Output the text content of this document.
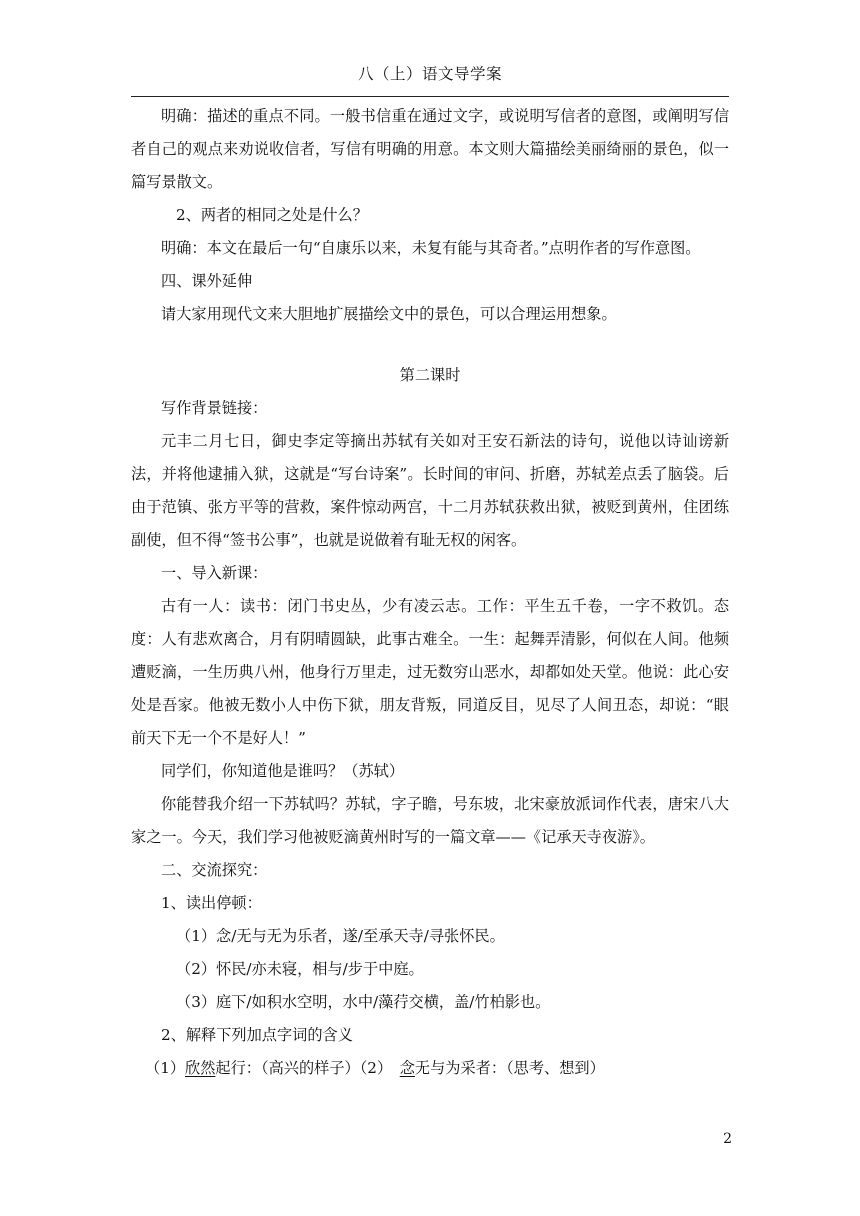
八（上）语文导学案

明确：描述的重点不同。一般书信重在通过文字，或说明写信者的意图，或阐明写信者自己的观点来劝说收信者，写信有明确的用意。本文则大篇描绘美丽绮丽的景色，似一篇写景散文。

2、两者的相同之处是什么？

明确：本文在最后一句“自康乐以来，未复有能与其奇者。”点明作者的写作意图。

四、课外延伸

请大家用现代文来大胆地扩展描绘文中的景色，可以合理运用想象。

第二课时

写作背景链接：

元丰二月七日，御史李定等摘出苏轼有关如对王安石新法的诗句，说他以诗讪谤新法，并将他逮捕入狱，这就是“写台诗案”。长时间的审问、折磨，苏轼差点丢了脑袋。后由于范镇、张方平等的营救，案件惊动两宫，十二月苏轼获救出狱，被贬到黄州，住团练副使，但不得“签书公事”，也就是说做着有耻无权的闲客。

一、导入新课：

古有一人：读书：闭门书史丛，少有凌云志。工作：平生五千卷，一字不救饥。态度：人有悲欢离合，月有阴晴圆缺，此事古难全。一生：起舞弄清影，何似在人间。他频遭贬滴，一生历典八州，他身行万里走，过无数穷山恶水，却都如处天堂。他说：此心安处是吾家。他被无数小人中伤下狱，朋友背叛，同道反目，见尽了人间丑态，却说：“眼前天下无一个不是好人！”

同学们，你知道他是谁吗？（苏轼）

你能替我介绍一下苏轼吗？苏轼，字子瞻，号东坡，北宋豪放派词作代表，唐宋八大家之一。今天，我们学习他被贬滴黄州时写的一篇文章——《记承天寺夜游》。

二、交流探究：

1、读出停顿：

（1）念/无与无为乐者，遂/至承天寺/寻张怀民。

（2）怀民/亦未寝，相与/步于中庭。

（3）庭下/如积水空明，水中/藻荇交横，盖/竹柏影也。

2、解释下列加点字词的含义

（1）欣然起行：（高兴的样子）（2）　念无与为采者：（思考、想到）

2
